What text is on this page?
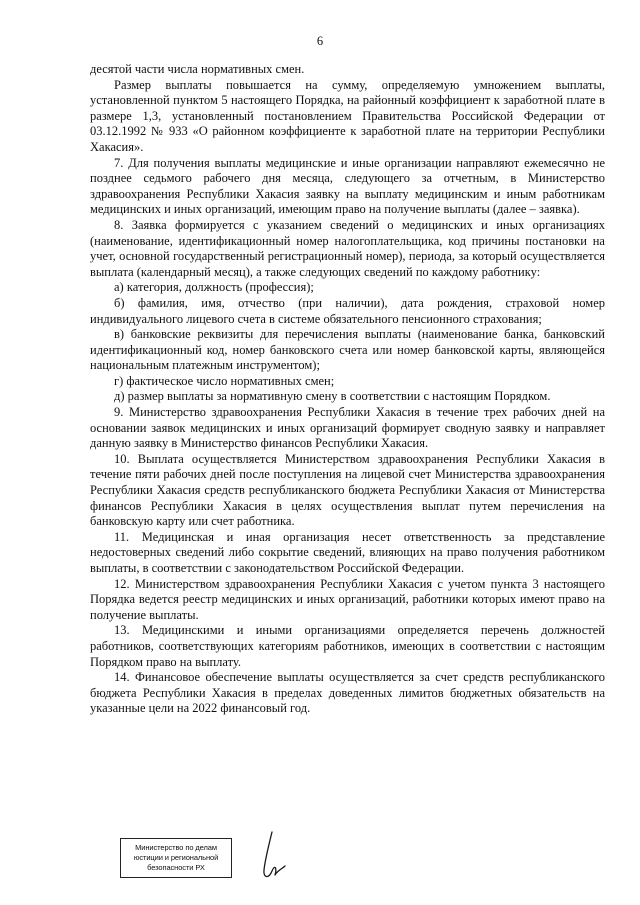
6

десятой части числа нормативных смен.

Размер выплаты повышается на сумму, определяемую умножением выплаты, установленной пунктом 5 настоящего Порядка, на районный коэффициент к заработной плате в размере 1,3, установленный постановлением Правительства Российской Федерации от 03.12.1992 № 933 «О районном коэффициенте к заработной плате на территории Республики Хакасия».

7. Для получения выплаты медицинские и иные организации направляют ежемесячно не позднее седьмого рабочего дня месяца, следующего за отчетным, в Министерство здравоохранения Республики Хакасия заявку на выплату медицинским и иным работникам медицинских и иных организаций, имеющим право на получение выплаты (далее – заявка).

8. Заявка формируется с указанием сведений о медицинских и иных организациях (наименование, идентификационный номер налогоплательщика, код причины постановки на учет, основной государственный регистрационный номер), периода, за который осуществляется выплата (календарный месяц), а также следующих сведений по каждому работнику:

а) категория, должность (профессия);

б) фамилия, имя, отчество (при наличии), дата рождения, страховой номер индивидуального лицевого счета в системе обязательного пенсионного страхования;

в) банковские реквизиты для перечисления выплаты (наименование банка, банковский идентификационный код, номер банковского счета или номер банковской карты, являющейся национальным платежным инструментом);

г) фактическое число нормативных смен;

д) размер выплаты за нормативную смену в соответствии с настоящим Порядком.

9. Министерство здравоохранения Республики Хакасия в течение трех рабочих дней на основании заявок медицинских и иных организаций формирует сводную заявку и направляет данную заявку в Министерство финансов Республики Хакасия.

10. Выплата осуществляется Министерством здравоохранения Республики Хакасия в течение пяти рабочих дней после поступления на лицевой счет Министерства здравоохранения Республики Хакасия средств республиканского бюджета Республики Хакасия от Министерства финансов Республики Хакасия в целях осуществления выплат путем перечисления на банковскую карту или счет работника.

11. Медицинская и иная организация несет ответственность за представление недостоверных сведений либо сокрытие сведений, влияющих на право получения работником выплаты, в соответствии с законодательством Российской Федерации.

12. Министерством здравоохранения Республики Хакасия с учетом пункта 3 настоящего Порядка ведется реестр медицинских и иных организаций, работники которых имеют право на получение выплаты.

13. Медицинскими и иными организациями определяется перечень должностей работников, соответствующих категориям работников, имеющих в соответствии с настоящим Порядком право на выплату.

14. Финансовое обеспечение выплаты осуществляется за счет средств республиканского бюджета Республики Хакасия в пределах доведенных лимитов бюджетных обязательств на указанные цели на 2022 финансовый год.

Министерство по делам
юстиции и региональной
безопасности РХ
